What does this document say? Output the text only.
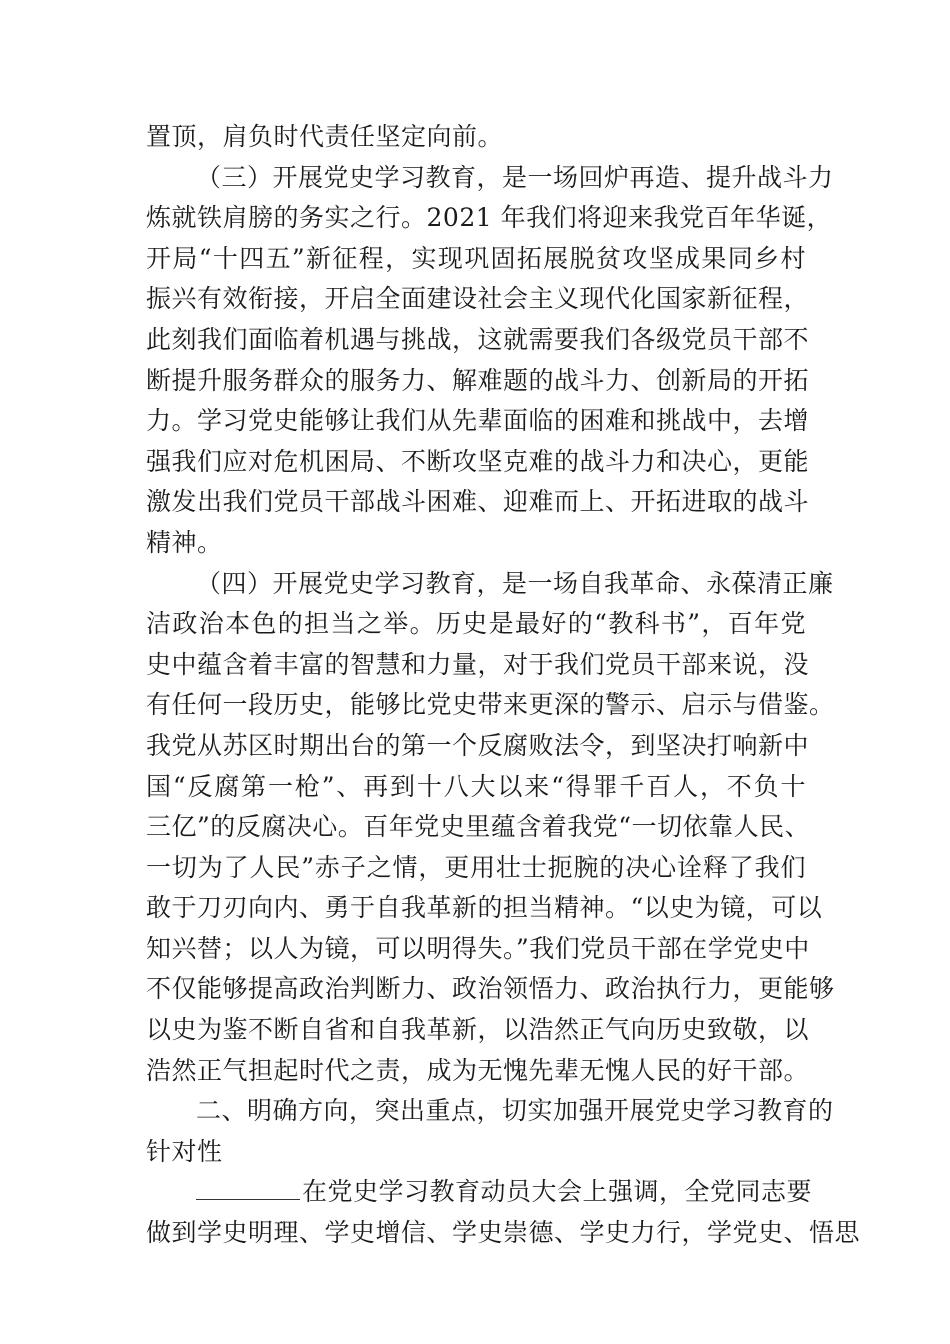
置顶，肩负时代责任坚定向前。
（三）开展党史学习教育，是一场回炉再造、提升战斗力
炼就铁肩膀的务实之行。2021 年我们将迎来我党百年华诞，
开局“十四五”新征程，实现巩固拓展脱贫攻坚成果同乡村
振兴有效衔接，开启全面建设社会主义现代化国家新征程，
此刻我们面临着机遇与挑战，这就需要我们各级党员干部不
断提升服务群众的服务力、解难题的战斗力、创新局的开拓
力。学习党史能够让我们从先辈面临的困难和挑战中，去增
强我们应对危机困局、不断攻坚克难的战斗力和决心，更能
激发出我们党员干部战斗困难、迎难而上、开拓进取的战斗
精神。
（四）开展党史学习教育，是一场自我革命、永葆清正廉
洁政治本色的担当之举。历史是最好的“教科书”，百年党
史中蕴含着丰富的智慧和力量，对于我们党员干部来说，没
有任何一段历史，能够比党史带来更深的警示、启示与借鉴。
我党从苏区时期出台的第一个反腐败法令，到坚决打响新中
国“反腐第一枪”、再到十八大以来“得罪千百人，不负十
三亿”的反腐决心。百年党史里蕴含着我党“一切依靠人民、
一切为了人民”赤子之情，更用壮士扼腕的决心诠释了我们
敢于刀刃向内、勇于自我革新的担当精神。“以史为镜，可以
知兴替；以人为镜，可以明得失。”我们党员干部在学党史中
不仅能够提高政治判断力、政治领悟力、政治执行力，更能够
以史为鉴不断自省和自我革新，以浩然正气向历史致敬，以
浩然正气担起时代之责，成为无愧先辈无愧人民的好干部。
二、明确方向，突出重点，切实加强开展党史学习教育的
针对性
在党史学习教育动员大会上强调，全党同志要
做到学史明理、学史增信、学史崇德、学史力行，学党史、悟思
